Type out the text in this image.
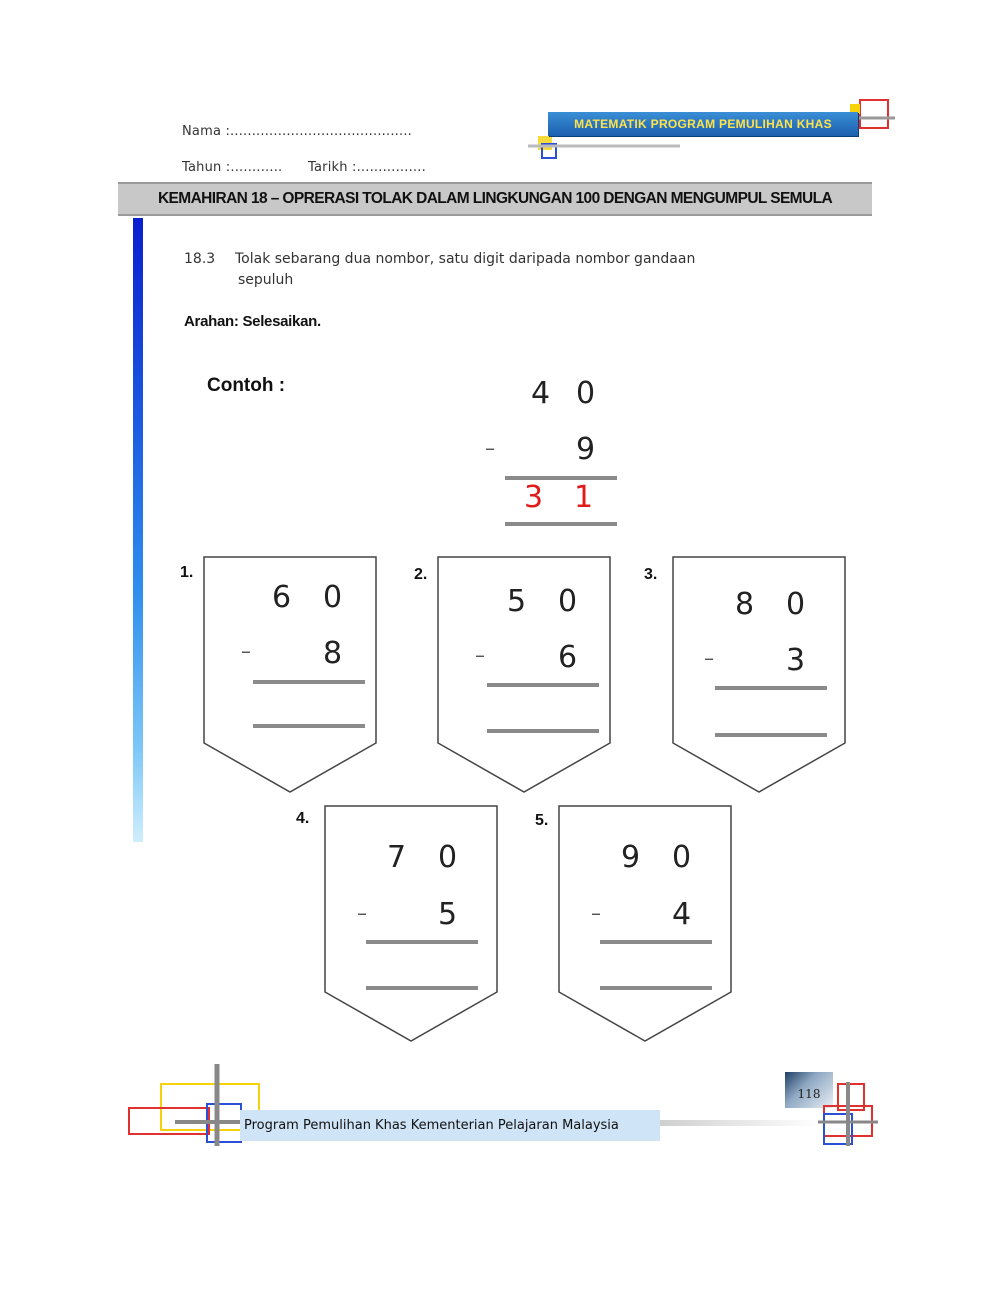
Nama :..........................................
Tahun :............ Tarikh :................
MATEMATIK PROGRAM PEMULIHAN KHAS
KEMAHIRAN 18 – OPRERASI TOLAK DALAM LINGKUNGAN 100 DENGAN MENGUMPUL SEMULA
18.3 Tolak sebarang dua nombor, satu digit daripada nombor gandaan
sepuluh
Arahan: Selesaikan.
Contoh :	4 0
–	9
3 1
1.
6 0
– 8
2.
5 0
– 6
3.
8 0
– 3
4.
7 0
– 5
5.
9 0
– 4
Program Pemulihan Khas Kementerian Pelajaran Malaysia
118
